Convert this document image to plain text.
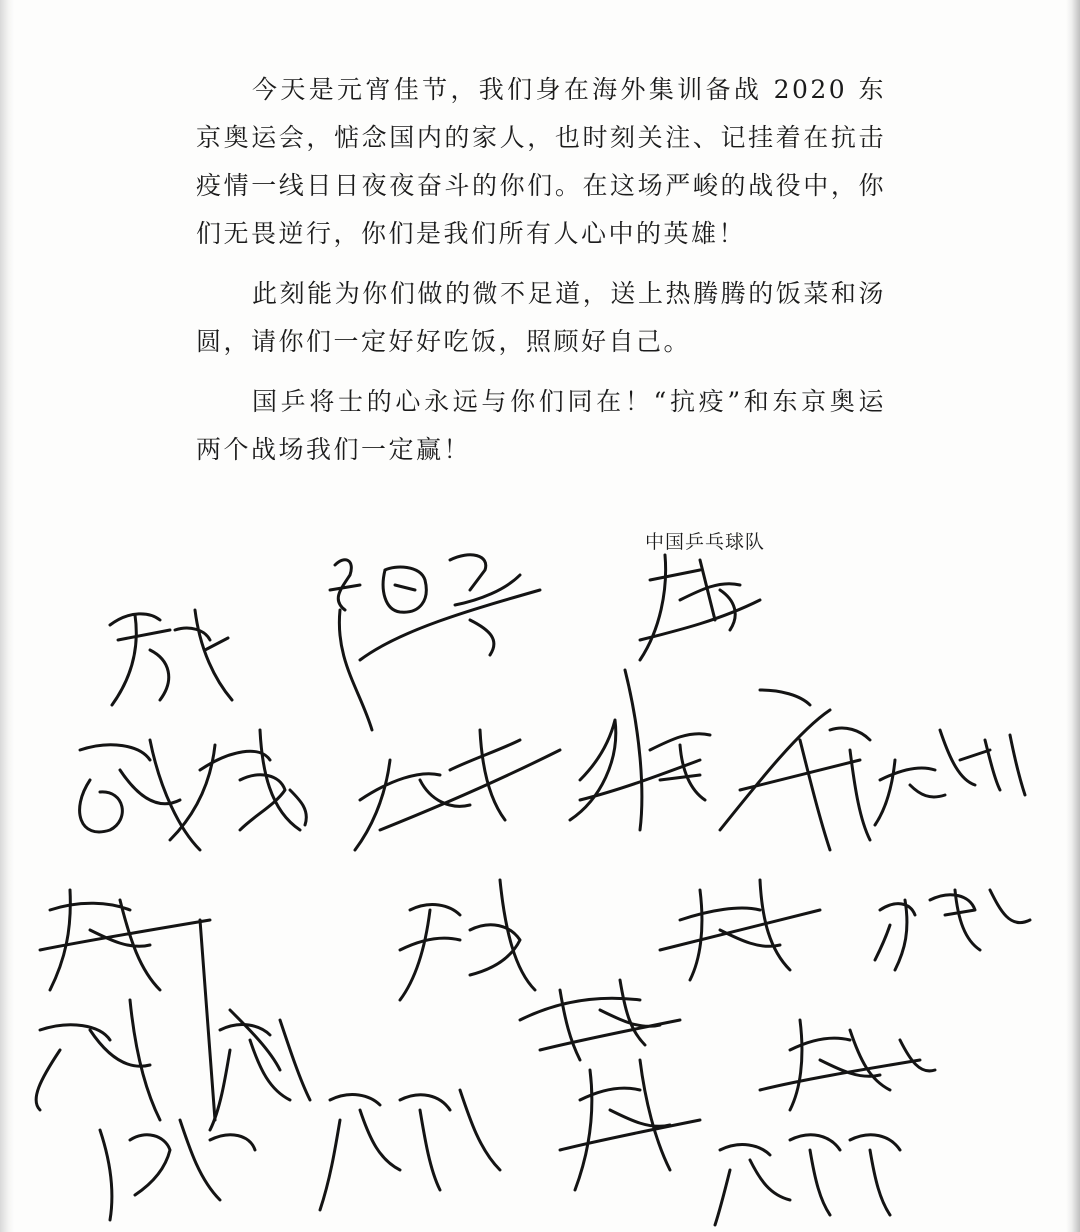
今天是元宵佳节，我们身在海外集训备战 2020 东京奥运会，惦念国内的家人，也时刻关注、记挂着在抗击疫情一线日日夜夜奋斗的你们。在这场严峻的战役中，你们无畏逆行，你们是我们所有人心中的英雄！

此刻能为你们做的微不足道，送上热腾腾的饭菜和汤圆，请你们一定好好吃饭，照顾好自己。

国乒将士的心永远与你们同在！“抗疫”和东京奥运两个战场我们一定赢！

中国乒乓球队
